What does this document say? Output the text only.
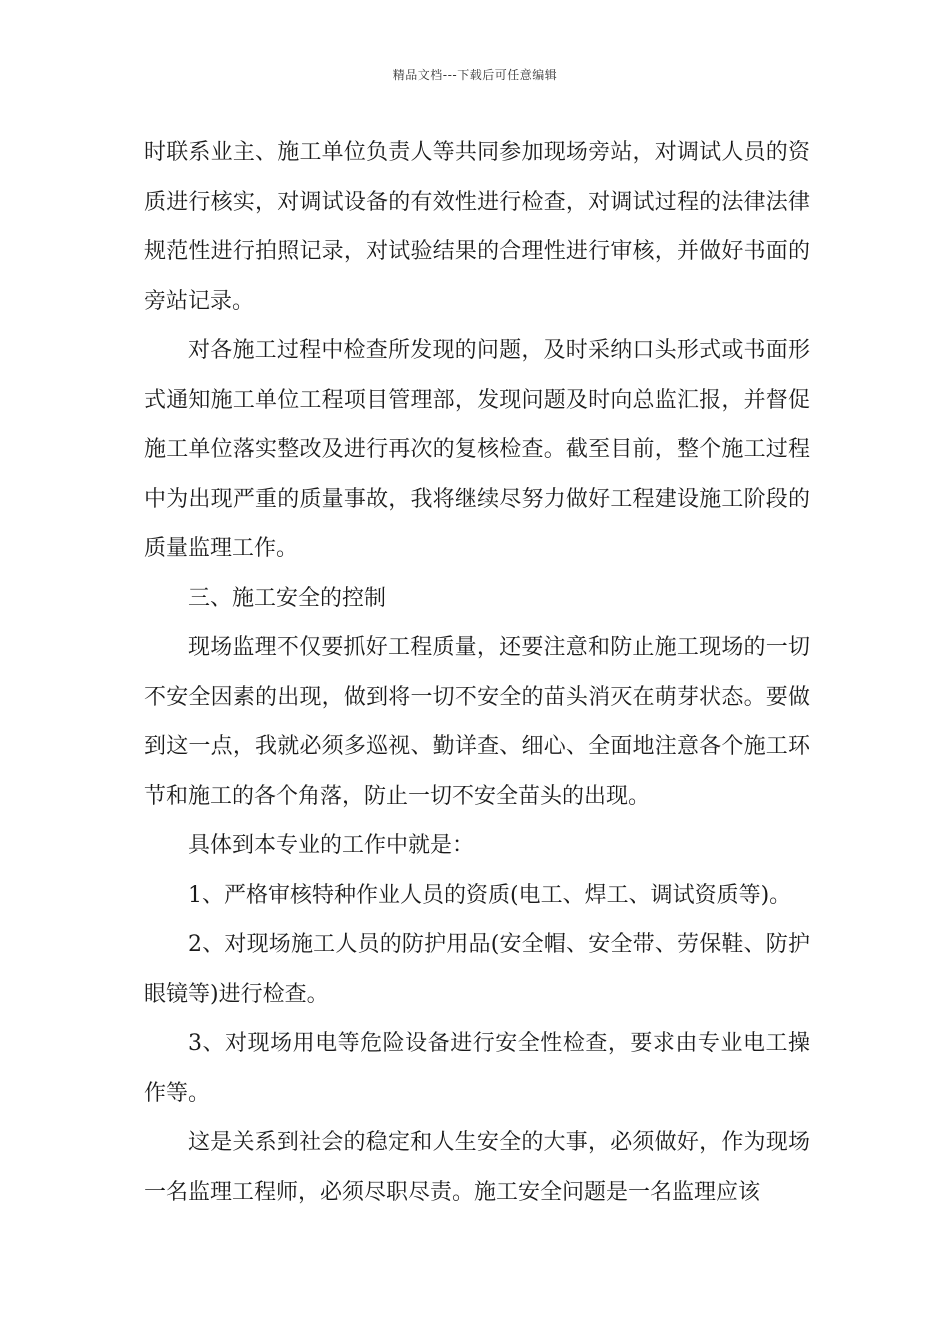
精品文档---下载后可任意编辑

时联系业主、施工单位负责人等共同参加现场旁站，对调试人员的资质进行核实，对调试设备的有效性进行检查，对调试过程的法律法律规范性进行拍照记录，对试验结果的合理性进行审核，并做好书面的旁站记录。

对各施工过程中检查所发现的问题，及时采纳口头形式或书面形式通知施工单位工程项目管理部，发现问题及时向总监汇报，并督促施工单位落实整改及进行再次的复核检查。截至目前，整个施工过程中为出现严重的质量事故，我将继续尽努力做好工程建设施工阶段的质量监理工作。

三、施工安全的控制

现场监理不仅要抓好工程质量，还要注意和防止施工现场的一切不安全因素的出现，做到将一切不安全的苗头消灭在萌芽状态。要做到这一点，我就必须多巡视、勤详查、细心、全面地注意各个施工环节和施工的各个角落，防止一切不安全苗头的出现。

具体到本专业的工作中就是：

1、严格审核特种作业人员的资质(电工、焊工、调试资质等)。

2、对现场施工人员的防护用品(安全帽、安全带、劳保鞋、防护眼镜等)进行检查。

3、对现场用电等危险设备进行安全性检查，要求由专业电工操作等。

这是关系到社会的稳定和人生安全的大事，必须做好，作为现场一名监理工程师，必须尽职尽责。施工安全问题是一名监理应该
